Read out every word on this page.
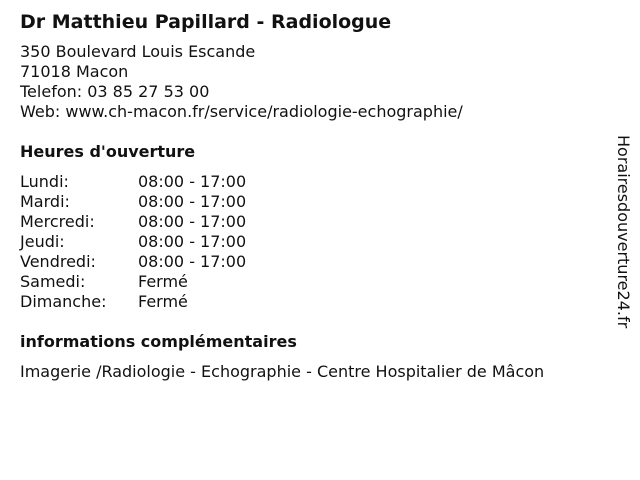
Dr Matthieu Papillard - Radiologue

350 Boulevard Louis Escande

71018 Macon

Telefon: 03 85 27 53 00

Web: www.ch-macon.fr/service/radiologie-echographie/

Heures d'ouverture
Lundi:	08:00 - 17:00
Mardi:	08:00 - 17:00
Mercredi:	08:00 - 17:00
Jeudi:	08:00 - 17:00
Vendredi:	08:00 - 17:00
Samedi:	Fermé
Dimanche:	Fermé
informations complémentaires

Imagerie /Radiologie - Echographie - Centre Hospitalier de Mâcon

Horairesdouverture24.fr
